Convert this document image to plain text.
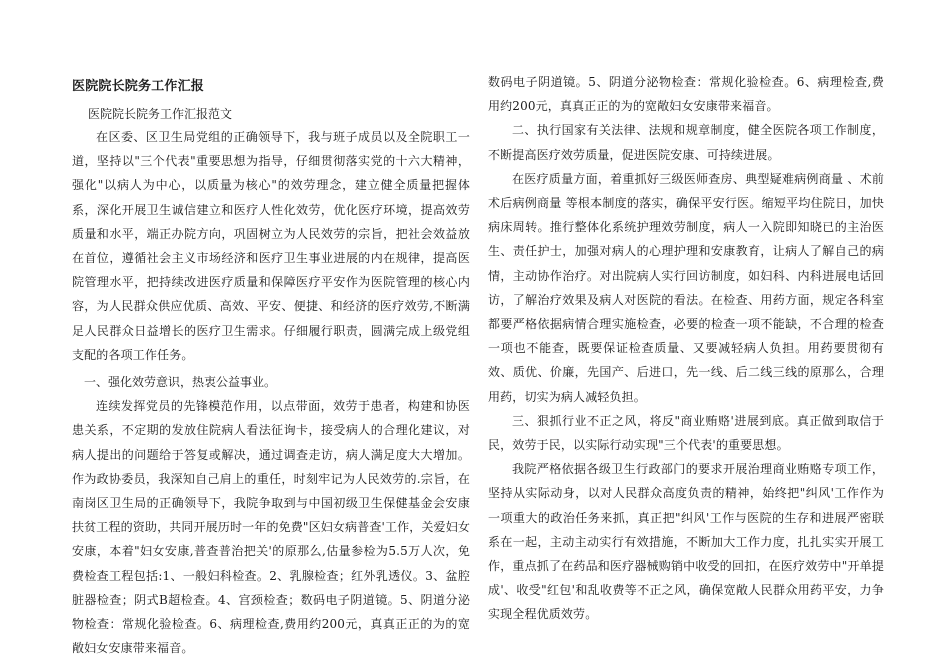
医院院长院务工作汇报

医院院长院务工作汇报范文

在区委、区卫生局党组的正确领导下，我与班子成员以及全院职工一道，坚持以"三个代表"重要思想为指导，仔细贯彻落实党的十六大精神，强化"以病人为中心，以质量为核心"的效劳理念，建立健全质量把握体系，深化开展卫生诚信建立和医疗人性化效劳，优化医疗环境，提高效劳质量和水平，端正办院方向，巩固树立为人民效劳的宗旨，把社会效益放在首位，遵循社会主义市场经济和医疗卫生事业进展的内在规律，提高医院管理水平，把持续改进医疗质量和保障医疗平安作为医院管理的核心内容，为人民群众供应优质、高效、平安、便捷、和经济的医疗效劳,不断满足人民群众日益增长的医疗卫生需求。仔细履行职责，圆满完成上级党组支配的各项工作任务。

一、强化效劳意识，热衷公益事业。

连续发挥党员的先锋模范作用，以点带面，效劳于患者，构建和协医患关系，不定期的发放住院病人看法征询卡，接受病人的合理化建议，对病人提出的问题给于答复或解决，通过调查走访，病人满足度大大增加。作为政协委员，我深知自己肩上的重任，时刻牢记为人民效劳的.宗旨，在南岗区卫生局的正确领导下，我院争取到与中国初级卫生保健基金会安康扶贫工程的资助，共同开展历时一年的免费"区妇女病普查'工作，关爱妇女安康，本着"妇女安康,普查普治把关'的原那么,估量参检为5.5万人次，免费检查工程包括:1、一般妇科检查。2、乳腺检查；红外乳透仪。3、盆腔脏器检查；阴式B超检查。4、宫颈检查；数码电子阴道镜。5、阴道分泌物检查：常规化验检查。6、病理检查,费用约200元，真真正正的为的宽敞妇女安康带来福音。

数码电子阴道镜。5、阴道分泌物检查：常规化验检查。6、病理检查,费用约200元，真真正正的为的宽敞妇女安康带来福音。

二、执行国家有关法律、法规和规章制度，健全医院各项工作制度，不断提高医疗效劳质量，促进医院安康、可持续进展。

在医疗质量方面，着重抓好三级医师查房、典型疑难病例商量 、术前术后病例商量 等根本制度的落实，确保平安行医。缩短平均住院日，加快病床周转。推行整体化系统护理效劳制度，病人一入院即知晓已的主治医生、责任护士，加强对病人的心理护理和安康教育，让病人了解自己的病情，主动协作治疗。对出院病人实行回访制度，如妇科、内科进展电话回访，了解治疗效果及病人对医院的看法。在检查、用药方面，规定各科室都要严格依据病情合理实施检查，必要的检查一项不能缺，不合理的检查一项也不能查，既要保证检查质量、又要减轻病人负担。用药要贯彻有效、质优、价廉，先国产、后进口，先一线、后二线三线的原那么，合理用药，切实为病人减轻负担。

三、狠抓行业不正之风，将反"商业贿赂'进展到底。真正做到取信于民，效劳于民，以实际行动实现"三个代表'的重要思想。

我院严格依据各级卫生行政部门的要求开展治理商业贿赂专项工作，坚持从实际动身，以对人民群众高度负责的精神，始终把"纠风'工作作为一项重大的政治任务来抓，真正把"纠风'工作与医院的生存和进展严密联系在一起，主动主动实行有效措施，不断加大工作力度，扎扎实实开展工作，重点抓了在药品和医疗器械购销中收受的回扣，在医疗效劳中"开单提成'、收受"红包'和乱收费等不正之风，确保宽敞人民群众用药平安，力争实现全程优质效劳。
